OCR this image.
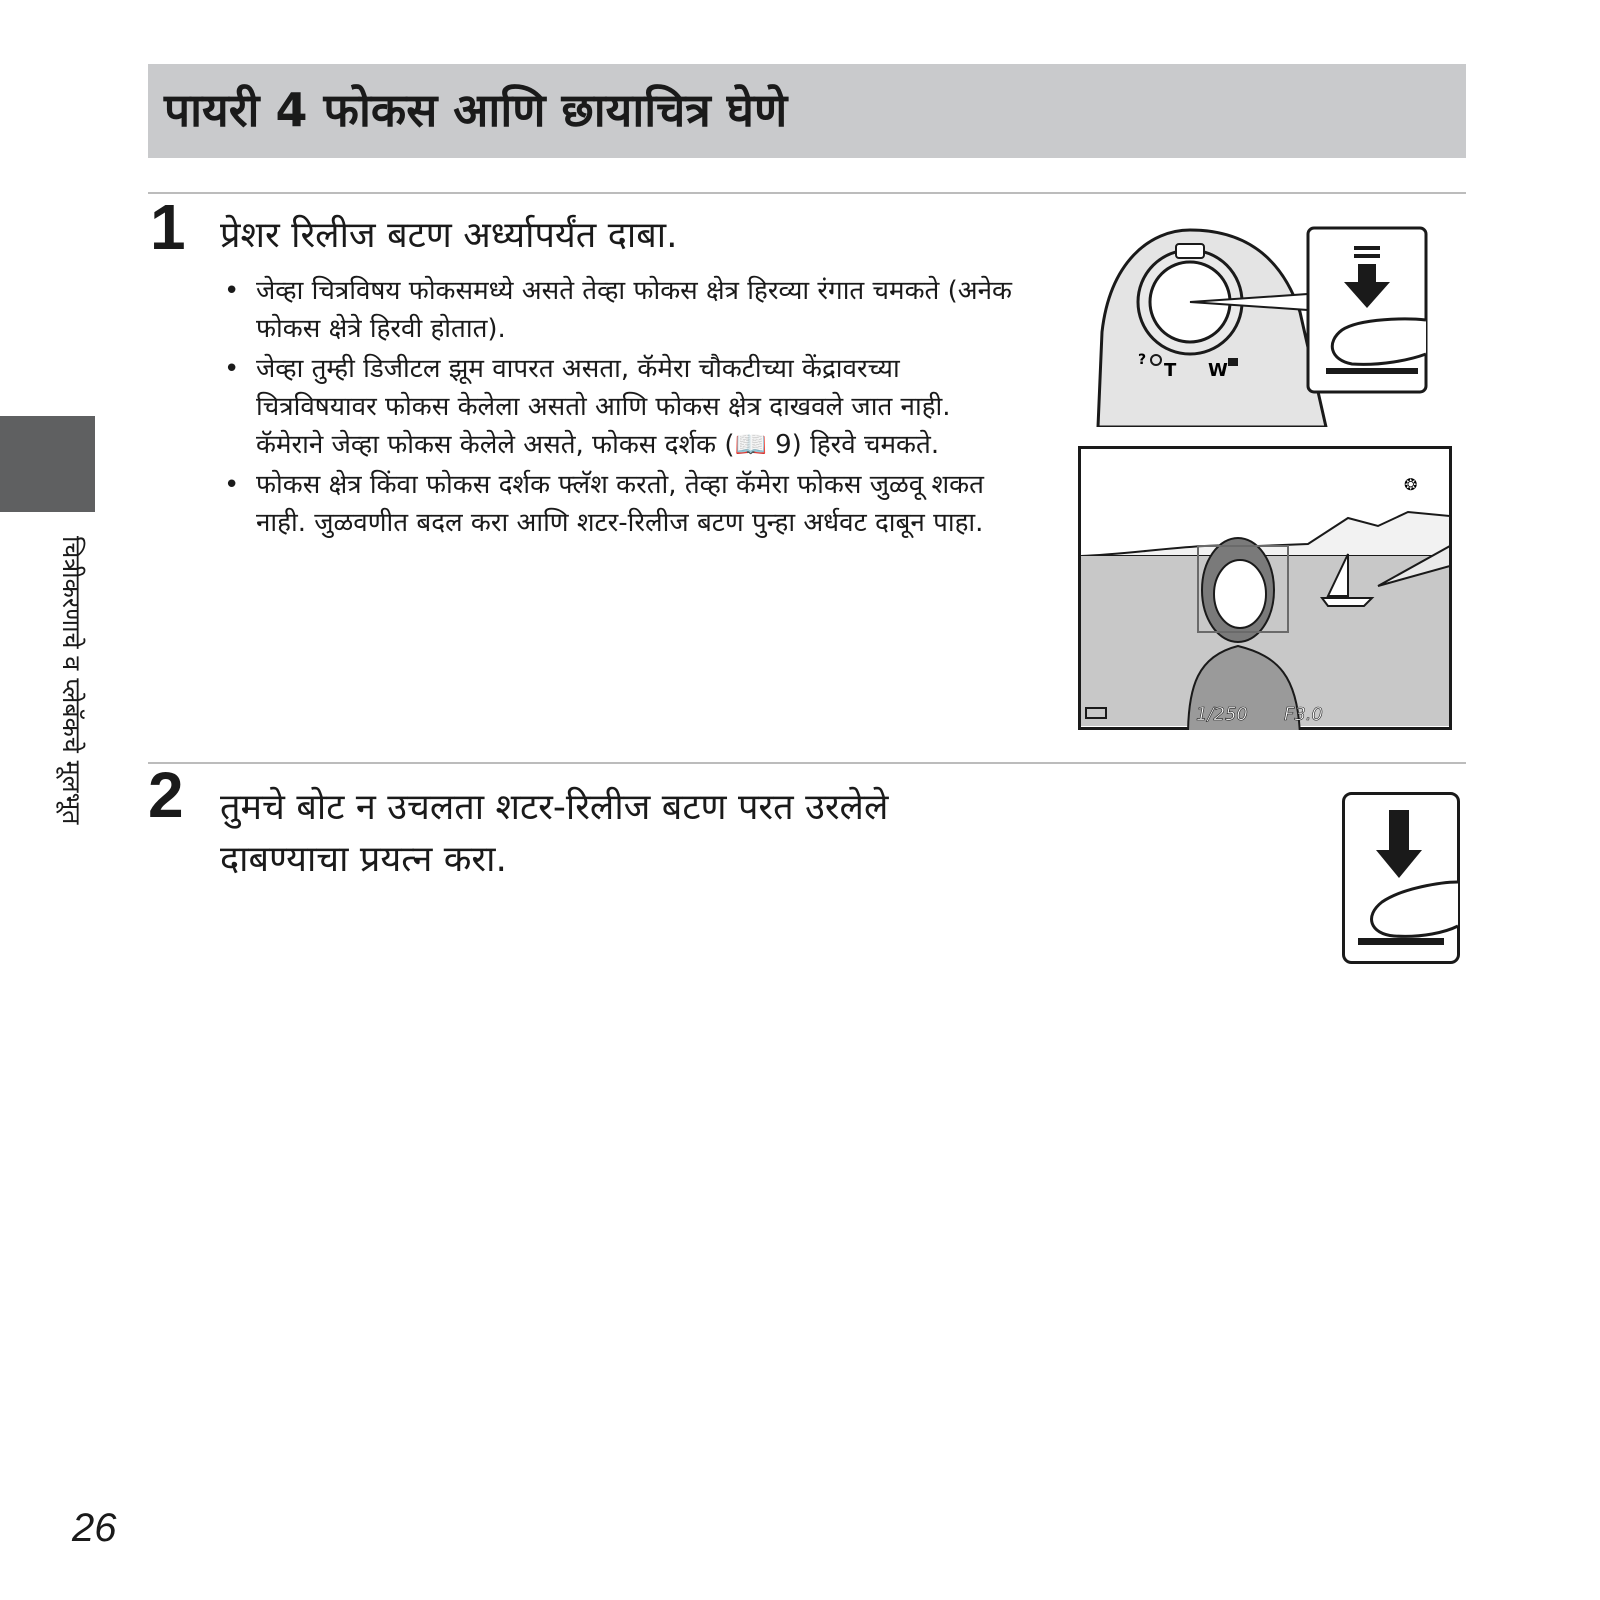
पायरी 4 फोकस आणि छायाचित्र घेणे
चित्रीकरणाचे व प्लेबॅकचे मूलभूत
1 प्रेशर रिलीज बटण अर्ध्यापर्यंत दाबा.
• जेव्हा चित्रविषय फोकसमध्ये असते तेव्हा फोकस क्षेत्र हिरव्या रंगात चमकते (अनेक फोकस क्षेत्रे हिरवी होतात).
• जेव्हा तुम्ही डिजीटल झूम वापरत असता, कॅमेरा चौकटीच्या केंद्रावरच्या चित्रविषयावर फोकस केलेला असतो आणि फोकस क्षेत्र दाखवले जात नाही. कॅमेराने जेव्हा फोकस केलेले असते, फोकस दर्शक (📖 9) हिरवे चमकते.
• फोकस क्षेत्र किंवा फोकस दर्शक फ्लॅश करतो, तेव्हा कॅमेरा फोकस जुळवू शकत नाही. जुळवणीत बदल करा आणि शटर-रिलीज बटण पुन्हा अर्धवट दाबून पाहा.
? T W
❂
1/250 F3.0
2 तुमचे बोट न उचलता शटर-रिलीज बटण परत उरलेले दाबण्याचा प्रयत्न करा.
26
